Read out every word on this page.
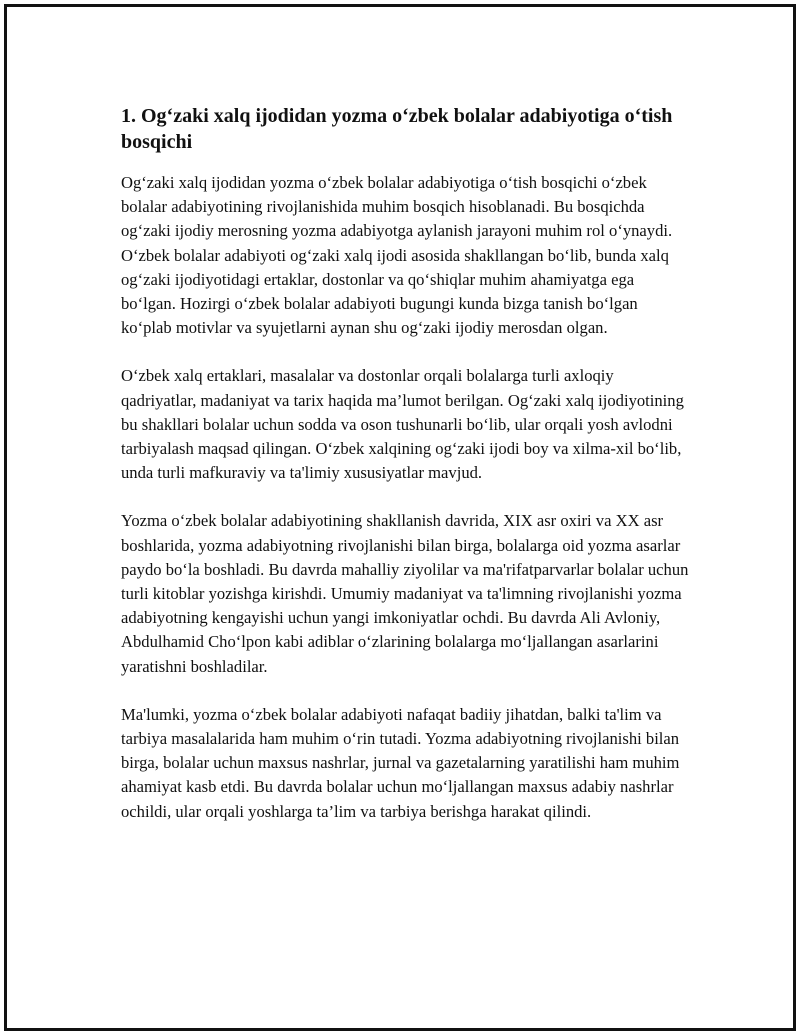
1. Og‘zaki xalq ijodidan yozma o‘zbek bolalar adabiyotiga o‘tish bosqichi

Og‘zaki xalq ijodidan yozma o‘zbek bolalar adabiyotiga o‘tish bosqichi o‘zbek bolalar adabiyotining rivojlanishida muhim bosqich hisoblanadi. Bu bosqichda og‘zaki ijodiy merosning yozma adabiyotga aylanish jarayoni muhim rol o‘ynaydi. O‘zbek bolalar adabiyoti og‘zaki xalq ijodi asosida shakllangan bo‘lib, bunda xalq og‘zaki ijodiyotidagi ertaklar, dostonlar va qo‘shiqlar muhim ahamiyatga ega bo‘lgan. Hozirgi o‘zbek bolalar adabiyoti bugungi kunda bizga tanish bo‘lgan ko‘plab motivlar va syujetlarni aynan shu og‘zaki ijodiy merosdan olgan.

O‘zbek xalq ertaklari, masalalar va dostonlar orqali bolalarga turli axloqiy qadriyatlar, madaniyat va tarix haqida ma’lumot berilgan. Og‘zaki xalq ijodiyotining bu shakllari bolalar uchun sodda va oson tushunarli bo‘lib, ular orqali yosh avlodni tarbiyalash maqsad qilingan. O‘zbek xalqining og‘zaki ijodi boy va xilma-xil bo‘lib, unda turli mafkuraviy va ta'limiy xususiyatlar mavjud.

Yozma o‘zbek bolalar adabiyotining shakllanish davrida, XIX asr oxiri va XX asr boshlarida, yozma adabiyotning rivojlanishi bilan birga, bolalarga oid yozma asarlar paydo bo‘la boshladi. Bu davrda mahalliy ziyolilar va ma'rifatparvarlar bolalar uchun turli kitoblar yozishga kirishdi. Umumiy madaniyat va ta'limning rivojlanishi yozma adabiyotning kengayishi uchun yangi imkoniyatlar ochdi. Bu davrda Ali Avloniy, Abdulhamid Cho‘lpon kabi adiblar o‘zlarining bolalarga mo‘ljallangan asarlarini yaratishni boshladilar.

Ma'lumki, yozma o‘zbek bolalar adabiyoti nafaqat badiiy jihatdan, balki ta'lim va tarbiya masalalarida ham muhim o‘rin tutadi. Yozma adabiyotning rivojlanishi bilan birga, bolalar uchun maxsus nashrlar, jurnal va gazetalarning yaratilishi ham muhim ahamiyat kasb etdi. Bu davrda bolalar uchun mo‘ljallangan maxsus adabiy nashrlar ochildi, ular orqali yoshlarga ta’lim va tarbiya berishga harakat qilindi.
